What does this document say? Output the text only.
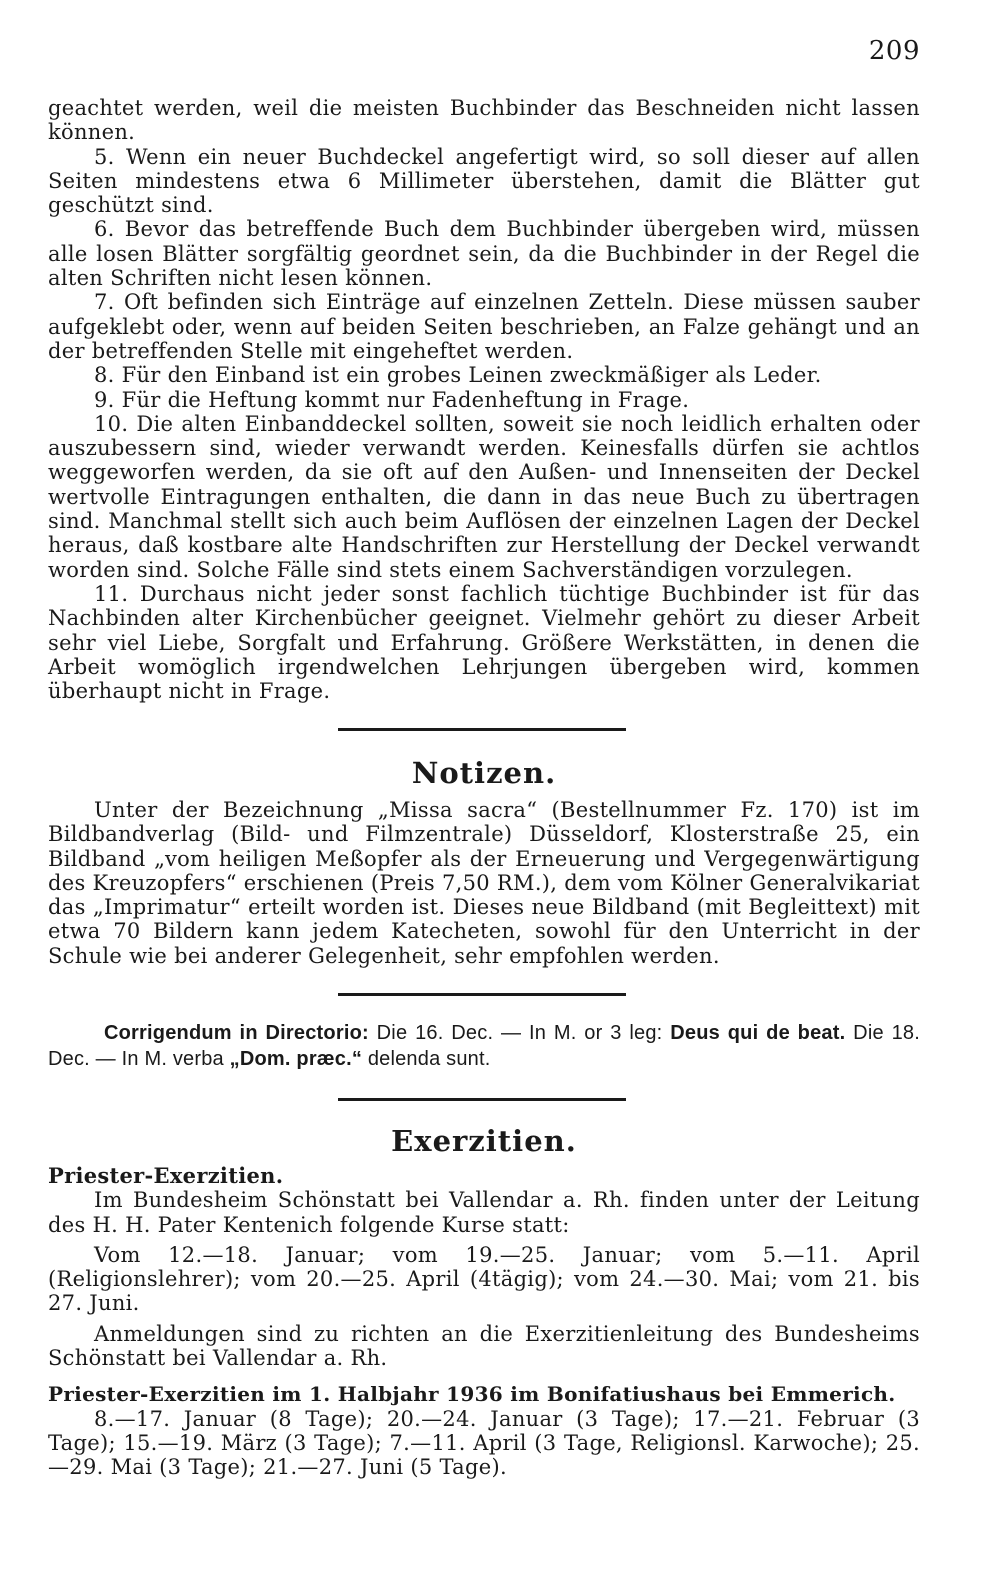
209

geachtet werden, weil die meisten Buchbinder das Beschneiden nicht lassen können.

5. Wenn ein neuer Buchdeckel angefertigt wird, so soll dieser auf allen Seiten mindestens etwa 6 Millimeter überstehen, damit die Blätter gut geschützt sind.

6. Bevor das betreffende Buch dem Buchbinder übergeben wird, müssen alle losen Blätter sorgfältig geordnet sein, da die Buchbinder in der Regel die alten Schriften nicht lesen können.

7. Oft befinden sich Einträge auf einzelnen Zetteln. Diese müssen sauber aufgeklebt oder, wenn auf beiden Seiten beschrieben, an Falze gehängt und an der betreffenden Stelle mit eingeheftet werden.

8. Für den Einband ist ein grobes Leinen zweckmäßiger als Leder.

9. Für die Heftung kommt nur Fadenheftung in Frage.

10. Die alten Einbanddeckel sollten, soweit sie noch leidlich erhalten oder auszubessern sind, wieder verwandt werden. Keinesfalls dürfen sie achtlos weggeworfen werden, da sie oft auf den Außen- und Innenseiten der Deckel wertvolle Eintragungen enthalten, die dann in das neue Buch zu übertragen sind. Manchmal stellt sich auch beim Auflösen der einzelnen Lagen der Deckel heraus, daß kostbare alte Handschriften zur Herstellung der Deckel verwandt worden sind. Solche Fälle sind stets einem Sachverständigen vorzulegen.

11. Durchaus nicht jeder sonst fachlich tüchtige Buchbinder ist für das Nachbinden alter Kirchenbücher geeignet. Vielmehr gehört zu dieser Arbeit sehr viel Liebe, Sorgfalt und Erfahrung. Größere Werkstätten, in denen die Arbeit womöglich irgendwelchen Lehrjungen übergeben wird, kommen überhaupt nicht in Frage.

Notizen.

Unter der Bezeichnung „Missa sacra“ (Bestellnummer Fz. 170) ist im Bildbandverlag (Bild- und Filmzentrale) Düsseldorf, Klosterstraße 25, ein Bildband „vom heiligen Meßopfer als der Erneuerung und Vergegenwärtigung des Kreuzopfers“ erschienen (Preis 7,50 RM.), dem vom Kölner Generalvikariat das „Imprimatur“ erteilt worden ist. Dieses neue Bildband (mit Begleittext) mit etwa 70 Bildern kann jedem Katecheten, sowohl für den Unterricht in der Schule wie bei anderer Gelegenheit, sehr empfohlen werden.

Corrigendum in Directorio: Die 16. Dec. — In M. or 3 leg: Deus qui de beat. Die 18. Dec. — In M. verba „Dom. præc.“ delenda sunt.

Exerzitien.

Priester-Exerzitien.

Im Bundesheim Schönstatt bei Vallendar a. Rh. finden unter der Leitung des H. H. Pater Kentenich folgende Kurse statt:

Vom 12.—18. Januar; vom 19.—25. Januar; vom 5.—11. April (Religionslehrer); vom 20.—25. April (4tägig); vom 24.—30. Mai; vom 21. bis 27. Juni.

Anmeldungen sind zu richten an die Exerzitienleitung des Bundesheims Schönstatt bei Vallendar a. Rh.

Priester-Exerzitien im 1. Halbjahr 1936 im Bonifatiushaus bei Emmerich.

8.—17. Januar (8 Tage); 20.—24. Januar (3 Tage); 17.—21. Februar (3 Tage); 15.—19. März (3 Tage); 7.—11. April (3 Tage, Religionsl. Karwoche); 25.—29. Mai (3 Tage); 21.—27. Juni (5 Tage).
